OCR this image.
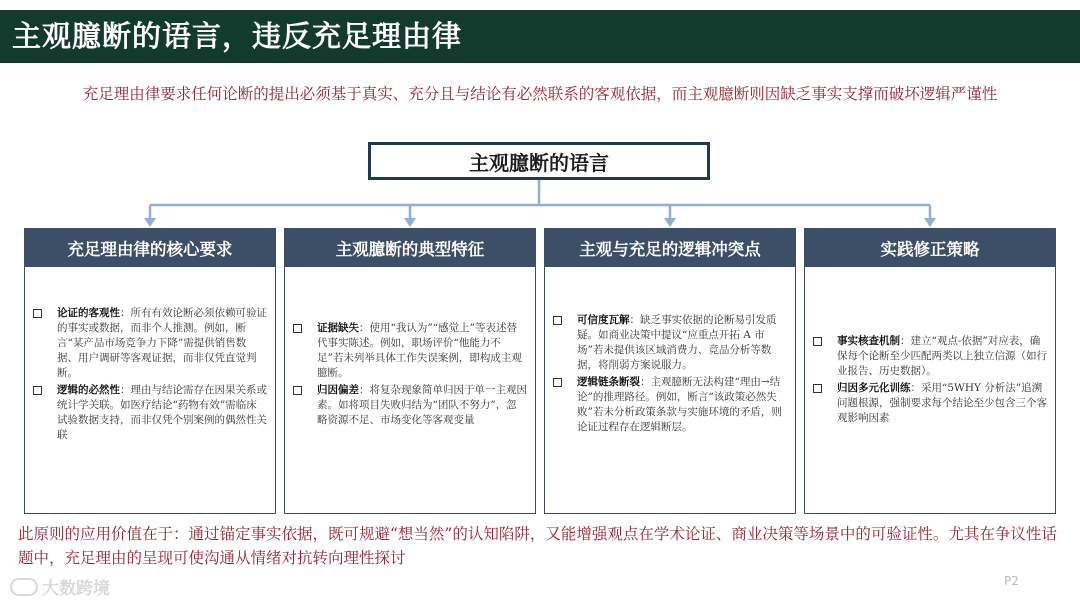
主观臆断的语言，违反充足理由律
充足理由律要求任何论断的提出必须基于真实、充分且与结论有必然联系的客观依据，而主观臆断则因缺乏事实支撑而破坏逻辑严谨性
主观臆断的语言
充足理由律的核心要求
论证的客观性：所有有效论断必须依赖可验证的事实或数据，而非个人推测。例如，断言“某产品市场竞争力下降”需提供销售数据、用户调研等客观证据，而非仅凭直觉判断。
逻辑的必然性：理由与结论需存在因果关系或统计学关联。如医疗结论“药物有效”需临床试验数据支持，而非仅凭个别案例的偶然性关联
主观臆断的典型特征
证据缺失：使用“我认为”“感觉上”等表述替代事实陈述。例如，职场评价“他能力不足”若未列举具体工作失误案例，即构成主观臆断。
归因偏差：将复杂现象简单归因于单一主观因素。如将项目失败归结为“团队不努力”，忽略资源不足、市场变化等客观变量
主观与充足的逻辑冲突点
可信度瓦解：缺乏事实依据的论断易引发质疑。如商业决策中提议“应重点开拓 A 市场”若未提供该区域消费力、竞品分析等数据，将削弱方案说服力。
逻辑链条断裂：主观臆断无法构建“理由→结论”的推理路径。例如，断言“该政策必然失败”若未分析政策条款与实施环境的矛盾，则论证过程存在逻辑断层。
实践修正策略
事实核查机制：建立“观点-依据”对应表，确保每个论断至少匹配两类以上独立信源（如行业报告、历史数据）。
归因多元化训练：采用“5WHY 分析法”追溯问题根源，强制要求每个结论至少包含三个客观影响因素
此原则的应用价值在于：通过锚定事实依据，既可规避“想当然”的认知陷阱，又能增强观点在学术论证、商业决策等场景中的可验证性。尤其在争议性话题中，充足理由的呈现可使沟通从情绪对抗转向理性探讨
大数跨境	P2
